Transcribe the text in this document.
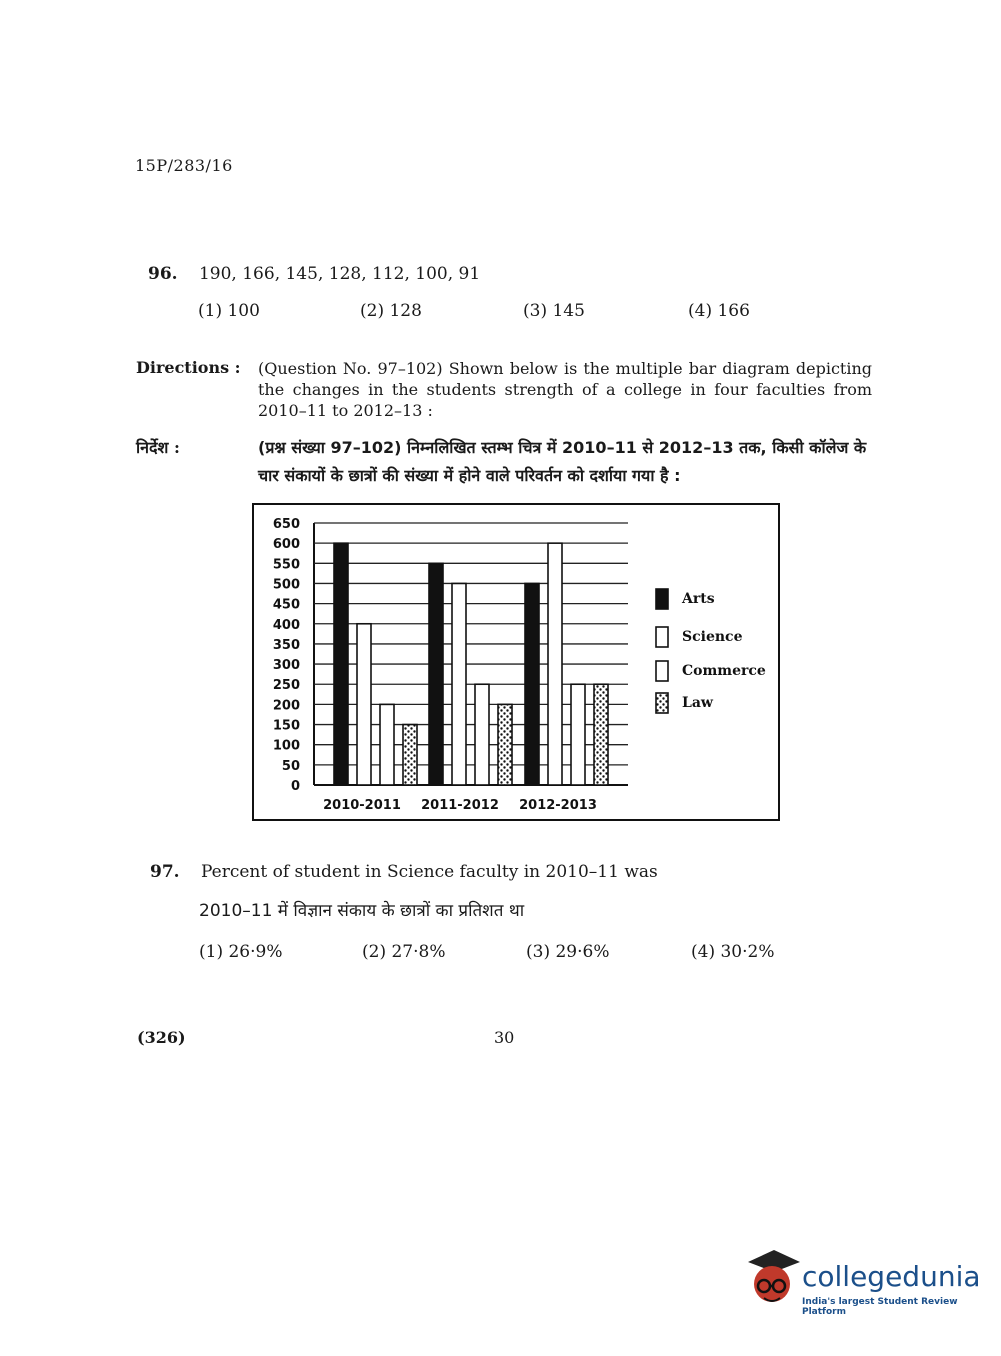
15P/283/16
96. 190, 166, 145, 128, 112, 100, 91
(1) 100	(2) 128	(3) 145	(4) 166
Directions : (Question No. 97–102) Shown below is the multiple bar diagram depicting the changes in the students strength of a college in four faculties from 2010–11 to 2012–13 :
निर्देश :	(प्रश्न संख्या 97–102) निम्नलिखित स्तम्भ चित्र में 2010–11 से 2012–13 तक, किसी कॉलेज के चार संकायों के छात्रों की संख्या में होने वाले परिवर्तन को दर्शाया गया है :
0
50
100
150
200
250
300
350
400
450
500
550
600
650
2010-2011 2011-2012 2012-2013
Arts
Science
Commerce
Law
97. Percent of student in Science faculty in 2010–11 was
2010–11 में विज्ञान संकाय के छात्रों का प्रतिशत था
(1) 26·9%	(2) 27·8%	(3) 29·6%	(4) 30·2%
(326)	30
collegedunia
India's largest Student Review Platform
